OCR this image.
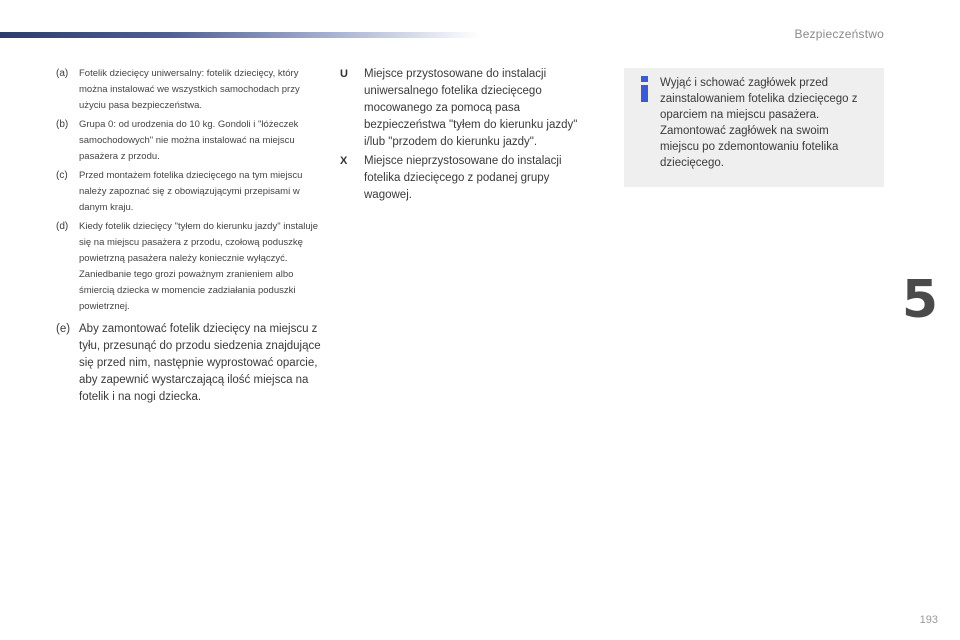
Bezpieczeństwo
5
(a)	Fotelik dziecięcy uniwersalny: fotelik dziecięcy, który można instalować we wszystkich samochodach przy użyciu pasa bezpieczeństwa.
(b)	Grupa 0: od urodzenia do 10 kg. Gondoli i "łóżeczek samochodowych" nie można instalować na miejscu pasażera z przodu.
(c)	Przed montażem fotelika dziecięcego na tym miejscu należy zapoznać się z obowiązującymi przepisami w danym kraju.
(d)	Kiedy fotelik dziecięcy "tyłem do kierunku jazdy" instaluje się na miejscu pasażera z przodu, czołową poduszkę powietrzną pasażera należy koniecznie wyłączyć. Zaniedbanie tego grozi poważnym zranieniem albo śmiercią dziecka w momencie zadziałania poduszki powietrznej.
(e) Aby zamontować fotelik dziecięcy na miejscu z tyłu, przesunąć do przodu siedzenia znajdujące się przed nim, następnie wyprostować oparcie, aby zapewnić wystarczającą ilość miejsca na fotelik i na nogi dziecka.
U	Miejsce przystosowane do instalacji uniwersalnego fotelika dziecięcego mocowanego za pomocą pasa bezpieczeństwa "tyłem do kierunku jazdy" i/lub "przodem do kierunku jazdy".
X	Miejsce nieprzystosowane do instalacji fotelika dziecięcego z podanej grupy wagowej.
Wyjąć i schować zagłówek przed zainstalowaniem fotelika dziecięcego z oparciem na miejscu pasażera. Zamontować zagłówek na swoim miejscu po zdemontowaniu fotelika dziecięcego.
193
